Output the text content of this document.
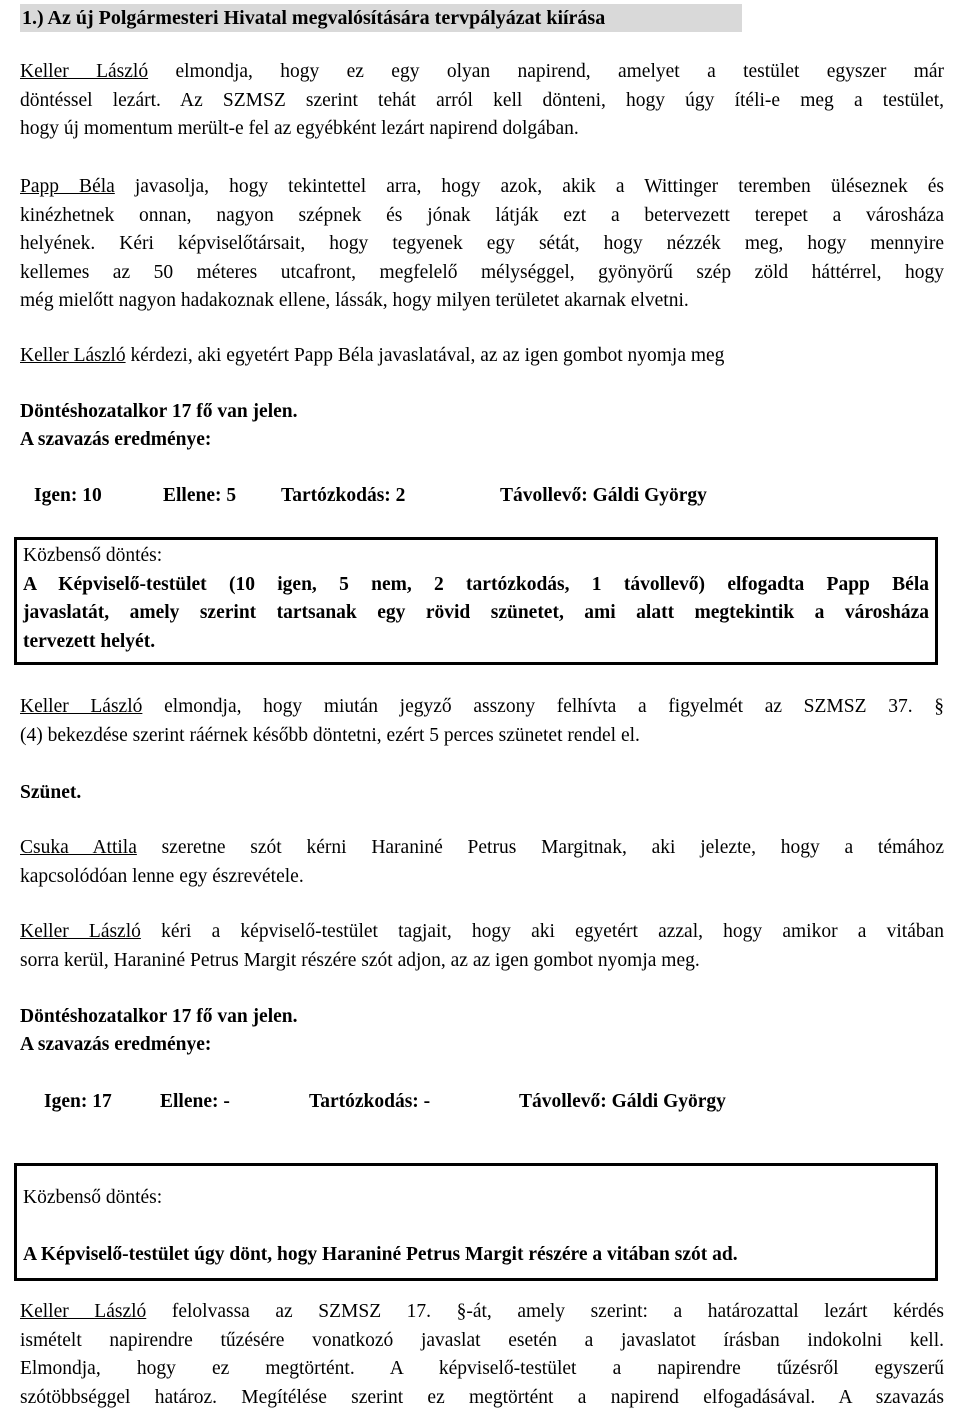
1.) Az új Polgármesteri Hivatal megvalósítására tervpályázat kiírása
Keller László elmondja, hogy ez egy olyan napirend, amelyet a testület egyszer már
döntéssel lezárt. Az SZMSZ szerint tehát arról kell dönteni, hogy úgy ítéli-e meg a testület,
hogy új momentum merült-e fel az egyébként lezárt napirend dolgában.
Papp Béla javasolja, hogy tekintettel arra, hogy azok, akik a Wittinger teremben üléseznek és
kinézhetnek onnan, nagyon szépnek és jónak látják ezt a betervezett terepet a városháza
helyének. Kéri képviselőtársait, hogy tegyenek egy sétát, hogy nézzék meg, hogy mennyire
kellemes az 50 méteres utcafront, megfelelő mélységgel, gyönyörű szép zöld háttérrel, hogy
még mielőtt nagyon hadakoznak ellene, lássák, hogy milyen területet akarnak elvetni.
Keller László kérdezi, aki egyetért Papp Béla javaslatával, az az igen gombot nyomja meg
Döntéshozatalkor 17 fő van jelen.
A szavazás eredménye:
Igen: 10	Ellene: 5 Tartózkodás: 2	Távollevő: Gáldi György
Közbenső döntés:
A Képviselő-testület (10 igen, 5 nem, 2 tartózkodás, 1 távollevő) elfogadta Papp Béla
javaslatát, amely szerint tartsanak egy rövid szünetet, ami alatt megtekintik a városháza
tervezett helyét.
Keller László elmondja, hogy miután jegyző asszony felhívta a figyelmét az SZMSZ 37. §
(4) bekezdése szerint ráérnek később döntetni, ezért 5 perces szünetet rendel el.
Szünet.
Csuka Attila szeretne szót kérni Haraniné Petrus Margitnak, aki jelezte, hogy a témához
kapcsolódóan lenne egy észrevétele.
Keller László kéri a képviselő-testület tagjait, hogy aki egyetért azzal, hogy amikor a vitában
sorra kerül, Haraniné Petrus Margit részére szót adjon, az az igen gombot nyomja meg.
Döntéshozatalkor 17 fő van jelen.
A szavazás eredménye:
Igen: 17 Ellene: -	Tartózkodás: -	Távollevő: Gáldi György
Közbenső döntés:
A Képviselő-testület úgy dönt, hogy Haraniné Petrus Margit részére a vitában szót ad.
Keller László felolvassa az SZMSZ 17. §-át, amely szerint: a határozattal lezárt kérdés
ismételt napirendre tűzésére vonatkozó javaslat esetén a javaslatot írásban indokolni kell.
Elmondja, hogy ez megtörtént. A képviselő-testület a napirendre tűzésről egyszerű
szótöbbséggel határoz. Megítélése szerint ez megtörtént a napirend elfogadásával. A szavazás
